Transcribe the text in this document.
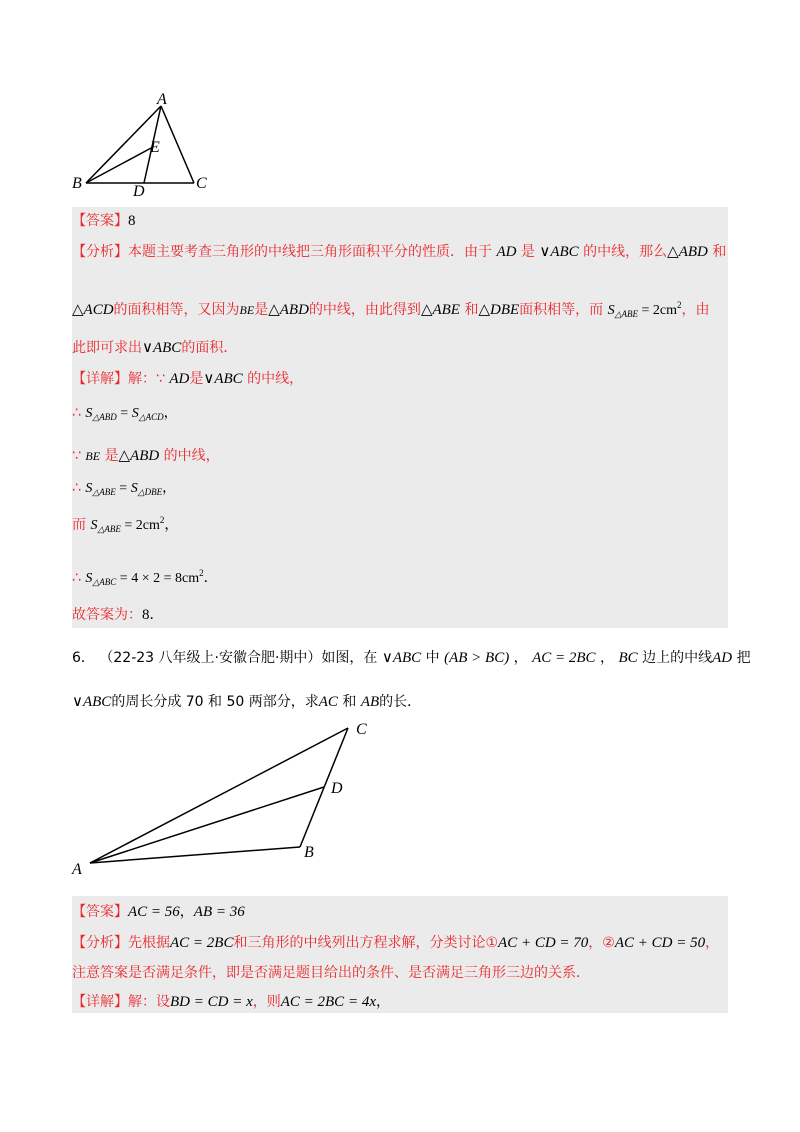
A
E
B	D	C
【答案】8
【分析】本题主要考查三角形的中线把三角形面积平分的性质．由于 AD 是 ∨ABC 的中线，那么△ABD 和
△ACD的面积相等，又因为BE是△ABD的中线，由此得到△ABE 和△DBE面积相等，而 $S_{\triangle ABE} = 2cm^2$，由
此即可求出∨ABC的面积．
【详解】解：∵ AD是∨ABC 的中线，
∴ $S_{\triangle ABD} = S_{\triangle ACD}$，
∵ BE 是△ABD 的中线，
∴ $S_{\triangle ABE} = S_{\triangle DBE}$，
而 $S_{\triangle ABE} = 2cm^2$，
∴ $S_{\triangle ABC} = 4 \times 2 = 8cm^2$．
故答案为：8．
6． （22-23 八年级上·安徽合肥·期中）如图，在 ∨ABC 中 (AB > BC) ， AC = 2BC ， BC 边上的中线AD 把
∨ABC的周长分成 70 和 50 两部分，求AC 和 AB的长．
C
D
B
A
【答案】AC = 56，AB = 36
【分析】先根据AC = 2BC和三角形的中线列出方程求解，分类讨论①AC + CD = 70，②AC + CD = 50，
注意答案是否满足条件，即是否满足题目给出的条件、是否满足三角形三边的关系．
【详解】解：设BD = CD = x，则AC = 2BC = 4x，
